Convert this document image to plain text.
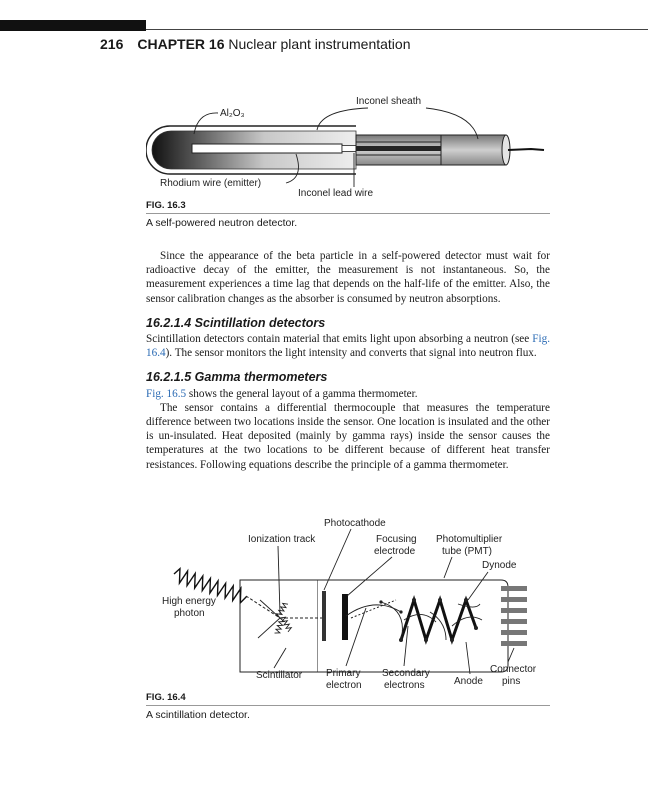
216 CHAPTER 16 Nuclear plant instrumentation
Al₂O₃
Inconel sheath
Rhodium wire (emitter)
Inconel lead wire

FIG. 16.3

A self-powered neutron detector.

Since the appearance of the beta particle in a self-powered detector must wait for radioactive decay of the emitter, the measurement is not instantaneous. So, the measurement experiences a time lag that depends on the half-life of the emitter. Also, the sensor calibration changes as the absorber is consumed by neutron absorptions.

16.2.1.4 Scintillation detectors

Scintillation detectors contain material that emits light upon absorbing a neutron (see Fig. 16.4). The sensor monitors the light intensity and converts that signal into neutron flux.

16.2.1.5 Gamma thermometers

Fig. 16.5 shows the general layout of a gamma thermometer.

The sensor contains a differential thermocouple that measures the temperature difference between two locations inside the sensor. One location is insulated and the other is un-insulated. Heat deposited (mainly by gamma rays) inside the sensor causes the temperatures at the two locations to be different because of different heat transfer resistances. Following equations describe the principle of a gamma thermometer.

Photocathode
Ionization track	Focusing
electrode
Photomultiplier
tube (PMT)
Dynode
High energy
photon
Scintillator Primary
electron
Secondary
electrons	Anode
Connector
pins

FIG. 16.4

A scintillation detector.
